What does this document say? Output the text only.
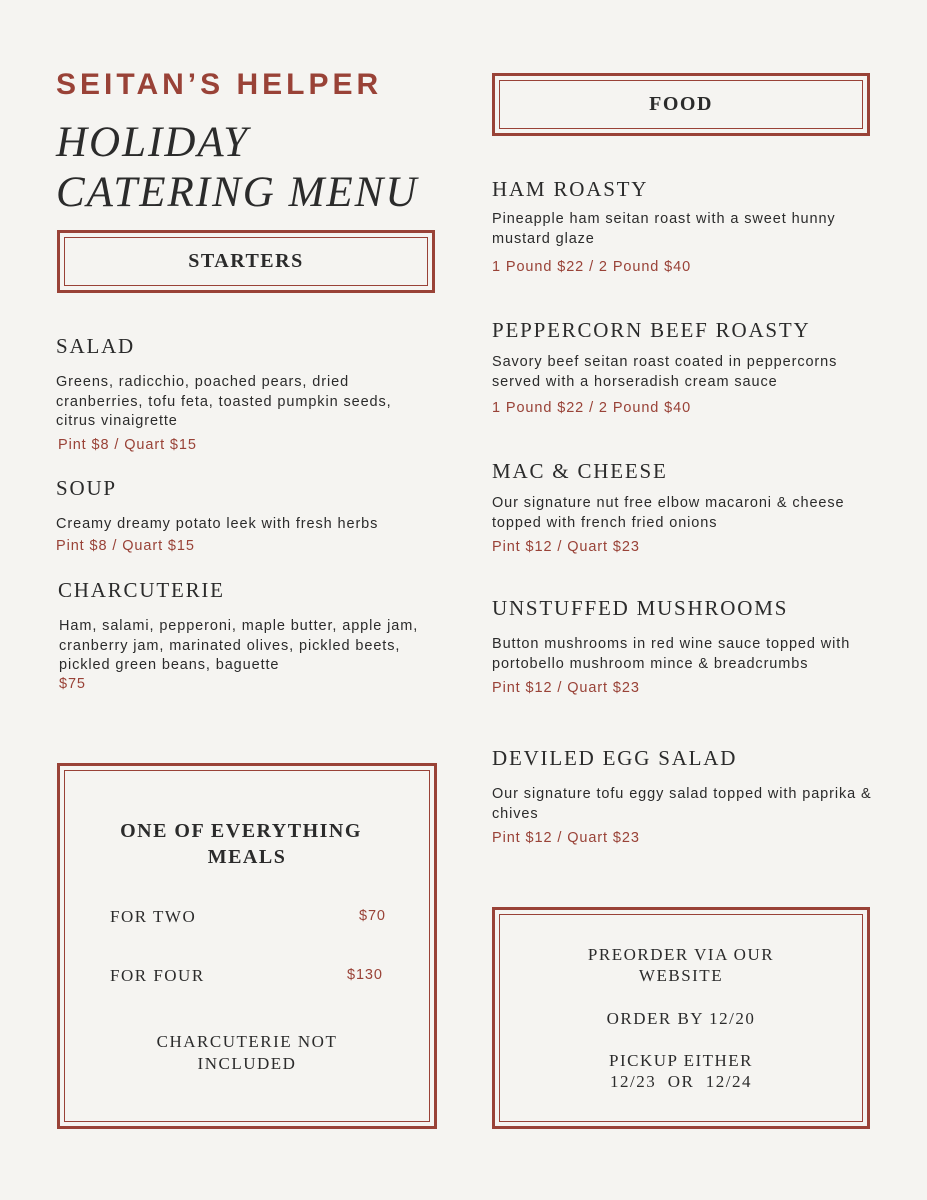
SEITAN’S HELPER
HOLIDAY
CATERING MENU
STARTERS
SALAD
Greens, radicchio, poached pears, dried cranberries, tofu feta, toasted pumpkin seeds, citrus vinaigrette
Pint $8 / Quart $15
SOUP
Creamy dreamy potato leek with fresh herbs
Pint $8 / Quart $15
CHARCUTERIE
Ham, salami, pepperoni, maple butter, apple jam, cranberry jam, marinated olives, pickled beets, pickled green beans, baguette
$75
FOOD
HAM ROASTY
Pineapple ham seitan roast with a sweet hunny mustard glaze
1 Pound $22 / 2 Pound $40
PEPPERCORN BEEF ROASTY
Savory beef seitan roast coated in peppercorns served with a horseradish cream sauce
1 Pound $22 / 2 Pound $40
MAC & CHEESE
Our signature nut free elbow macaroni & cheese topped with french fried onions
Pint $12 / Quart $23
UNSTUFFED MUSHROOMS
Button mushrooms in red wine sauce topped with portobello mushroom mince & breadcrumbs
Pint $12 / Quart $23
DEVILED EGG SALAD
Our signature tofu eggy salad topped with paprika & chives
Pint $12 / Quart $23
ONE OF EVERYTHING
MEALS
FOR TWO	$70
FOR FOUR	$130
CHARCUTERIE NOT
INCLUDED
PREORDER VIA OUR
WEBSITE
ORDER BY 12/20
PICKUP EITHER
12/23  OR  12/24
